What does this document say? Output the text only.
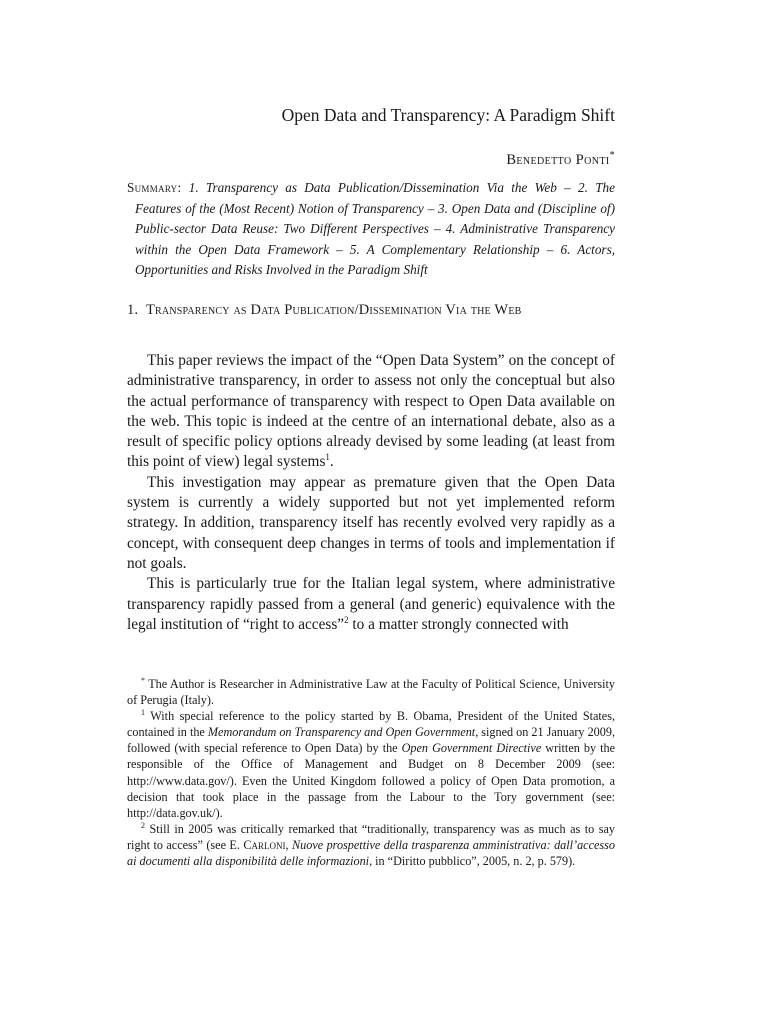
Open Data and Transparency: A Paradigm Shift
Benedetto Ponti*
Summary: 1. Transparency as Data Publication/Dissemination Via the Web – 2. The Features of the (Most Recent) Notion of Transparency – 3. Open Data and (Discipline of) Public-sector Data Reuse: Two Different Perspectives – 4. Administrative Transparency within the Open Data Framework – 5. A Complementary Relationship – 6. Actors, Opportunities and Risks Involved in the Paradigm Shift
1. Transparency as Data Publication/Dissemination Via the Web

This paper reviews the impact of the “Open Data System” on the concept of administrative transparency, in order to assess not only the conceptual but also the actual performance of transparency with respect to Open Data available on the web. This topic is indeed at the centre of an international debate, also as a result of specific policy options already devised by some leading (at least from this point of view) legal systems$^1$.

This investigation may appear as premature given that the Open Data system is currently a widely supported but not yet implemented reform strategy. In addition, transparency itself has recently evolved very rapidly as a concept, with consequent deep changes in terms of tools and implementation if not goals.

This is particularly true for the Italian legal system, where administrative transparency rapidly passed from a general (and generic) equivalence with the legal institution of “right to access”$^2$ to a matter strongly connected with

* The Author is Researcher in Administrative Law at the Faculty of Political Science, University of Perugia (Italy).

$^1$ With special reference to the policy started by B. Obama, President of the United States, contained in the Memorandum on Transparency and Open Government, signed on 21 January 2009, followed (with special reference to Open Data) by the Open Government Directive written by the responsible of the Office of Management and Budget on 8 December 2009 (see: http://www.data.gov/). Even the United Kingdom followed a policy of Open Data promotion, a decision that took place in the passage from the Labour to the Tory government (see: http://data.gov.uk/).

$^2$ Still in 2005 was critically remarked that “traditionally, transparency was as much as to say right to access” (see E. Carloni, Nuove prospettive della trasparenza amministrativa: dall’accesso ai documenti alla disponibilità delle informazioni, in “Diritto pubblico”, 2005, n. 2, p. 579).
